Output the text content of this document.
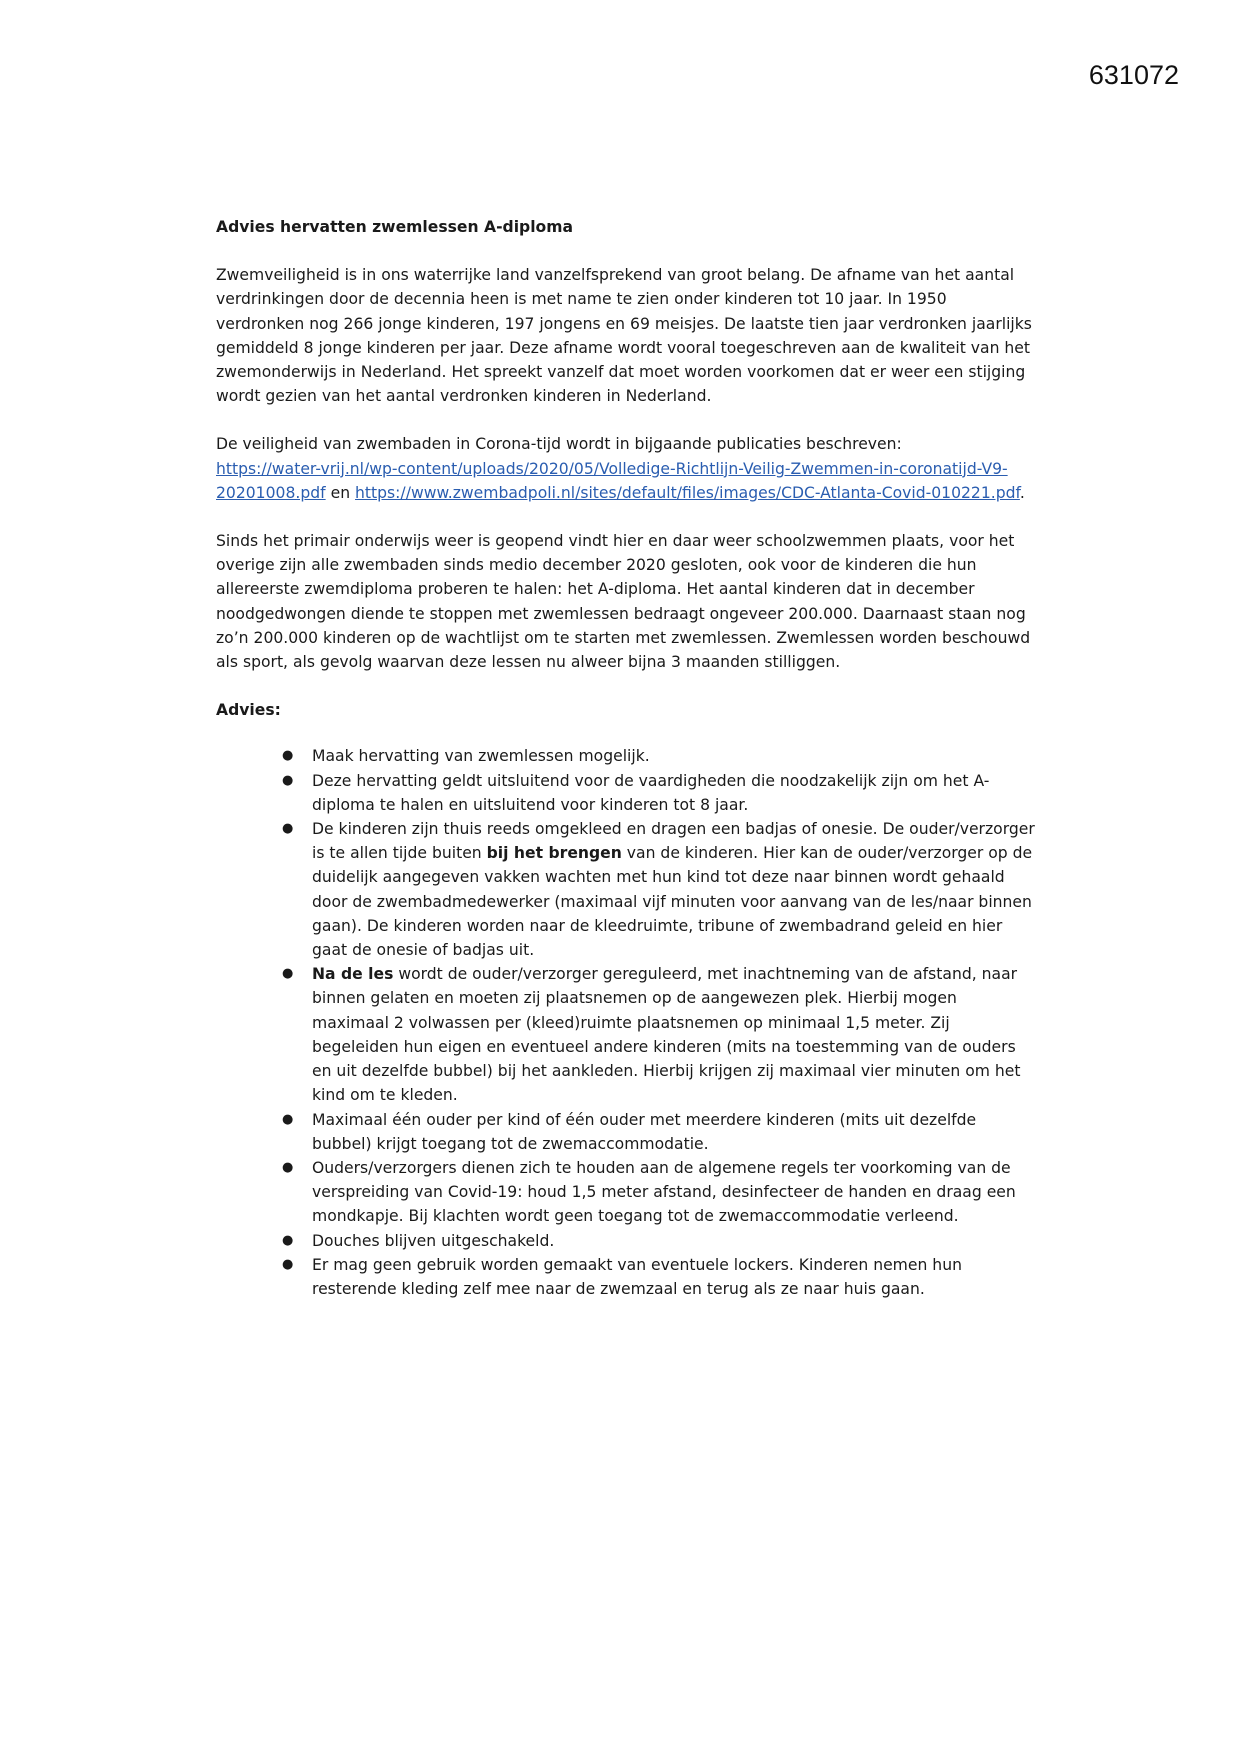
631072
Advies hervatten zwemlessen A-diploma

Zwemveiligheid is in ons waterrijke land vanzelfsprekend van groot belang. De afname van het aantal verdrinkingen door de decennia heen is met name te zien onder kinderen tot 10 jaar. In 1950 verdronken nog 266 jonge kinderen, 197 jongens en 69 meisjes. De laatste tien jaar verdronken jaarlijks gemiddeld 8 jonge kinderen per jaar. Deze afname wordt vooral toegeschreven aan de kwaliteit van het zwemonderwijs in Nederland. Het spreekt vanzelf dat moet worden voorkomen dat er weer een stijging wordt gezien van het aantal verdronken kinderen in Nederland.

De veiligheid van zwembaden in Corona-tijd wordt in bijgaande publicaties beschreven:
https://water-vrij.nl/wp-content/uploads/2020/05/Volledige-Richtlijn-Veilig-Zwemmen-in-coronatijd-V9-20201008.pdf en https://www.zwembadpoli.nl/sites/default/files/images/CDC-Atlanta-Covid-010221.pdf.

Sinds het primair onderwijs weer is geopend vindt hier en daar weer schoolzwemmen plaats, voor het overige zijn alle zwembaden sinds medio december 2020 gesloten, ook voor de kinderen die hun allereerste zwemdiploma proberen te halen: het A-diploma. Het aantal kinderen dat in december noodgedwongen diende te stoppen met zwemlessen bedraagt ongeveer 200.000. Daarnaast staan nog zo’n 200.000 kinderen op de wachtlijst om te starten met zwemlessen. Zwemlessen worden beschouwd als sport, als gevolg waarvan deze lessen nu alweer bijna 3 maanden stilliggen.

Advies:
● Maak hervatting van zwemlessen mogelijk.
● Deze hervatting geldt uitsluitend voor de vaardigheden die noodzakelijk zijn om het A-diploma te halen en uitsluitend voor kinderen tot 8 jaar.
● De kinderen zijn thuis reeds omgekleed en dragen een badjas of onesie. De ouder/verzorger is te allen tijde buiten bij het brengen van de kinderen. Hier kan de ouder/verzorger op de duidelijk aangegeven vakken wachten met hun kind tot deze naar binnen wordt gehaald door de zwembadmedewerker (maximaal vijf minuten voor aanvang van de les/naar binnen gaan). De kinderen worden naar de kleedruimte, tribune of zwembadrand geleid en hier gaat de onesie of badjas uit.
● Na de les wordt de ouder/verzorger gereguleerd, met inachtneming van de afstand, naar binnen gelaten en moeten zij plaatsnemen op de aangewezen plek. Hierbij mogen maximaal 2 volwassen per (kleed)ruimte plaatsnemen op minimaal 1,5 meter. Zij begeleiden hun eigen en eventueel andere kinderen (mits na toestemming van de ouders en uit dezelfde bubbel) bij het aankleden. Hierbij krijgen zij maximaal vier minuten om het kind om te kleden.
● Maximaal één ouder per kind of één ouder met meerdere kinderen (mits uit dezelfde bubbel) krijgt toegang tot de zwemaccommodatie.
● Ouders/verzorgers dienen zich te houden aan de algemene regels ter voorkoming van de verspreiding van Covid-19: houd 1,5 meter afstand, desinfecteer de handen en draag een mondkapje. Bij klachten wordt geen toegang tot de zwemaccommodatie verleend.
● Douches blijven uitgeschakeld.
● Er mag geen gebruik worden gemaakt van eventuele lockers. Kinderen nemen hun resterende kleding zelf mee naar de zwemzaal en terug als ze naar huis gaan.
